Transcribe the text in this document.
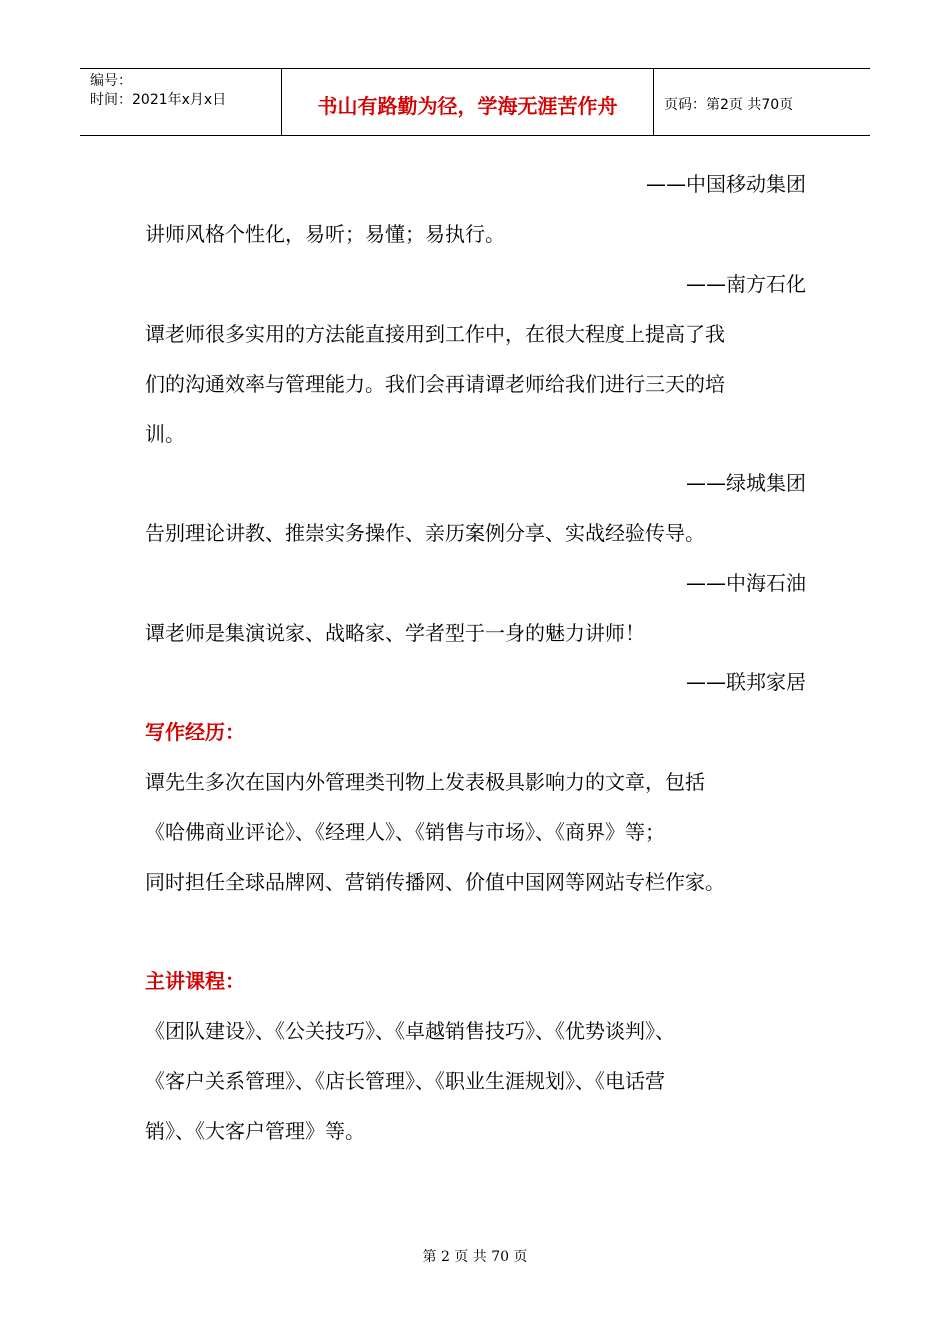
编号：
时间：2021年x月x日	书山有路勤为径，学海无涯苦作舟	页码：第2页 共70页
——中国移动集团
讲师风格个性化，易听；易懂；易执行。
——南方石化
谭老师很多实用的方法能直接用到工作中，在很大程度上提高了我
们的沟通效率与管理能力。我们会再请谭老师给我们进行三天的培
训。
——绿城集团
告别理论讲教、推崇实务操作、亲历案例分享、实战经验传导。
——中海石油
谭老师是集演说家、战略家、学者型于一身的魅力讲师！
——联邦家居
写作经历：
谭先生多次在国内外管理类刊物上发表极具影响力的文章，包括
《哈佛商业评论》、《经理人》、《销售与市场》、《商界》等；
同时担任全球品牌网、营销传播网、价值中国网等网站专栏作家。
主讲课程：
《团队建设》、《公关技巧》、《卓越销售技巧》、《优势谈判》、
《客户关系管理》、《店长管理》、《职业生涯规划》、《电话营
销》、《大客户管理》等。
第 2 页 共 70 页
